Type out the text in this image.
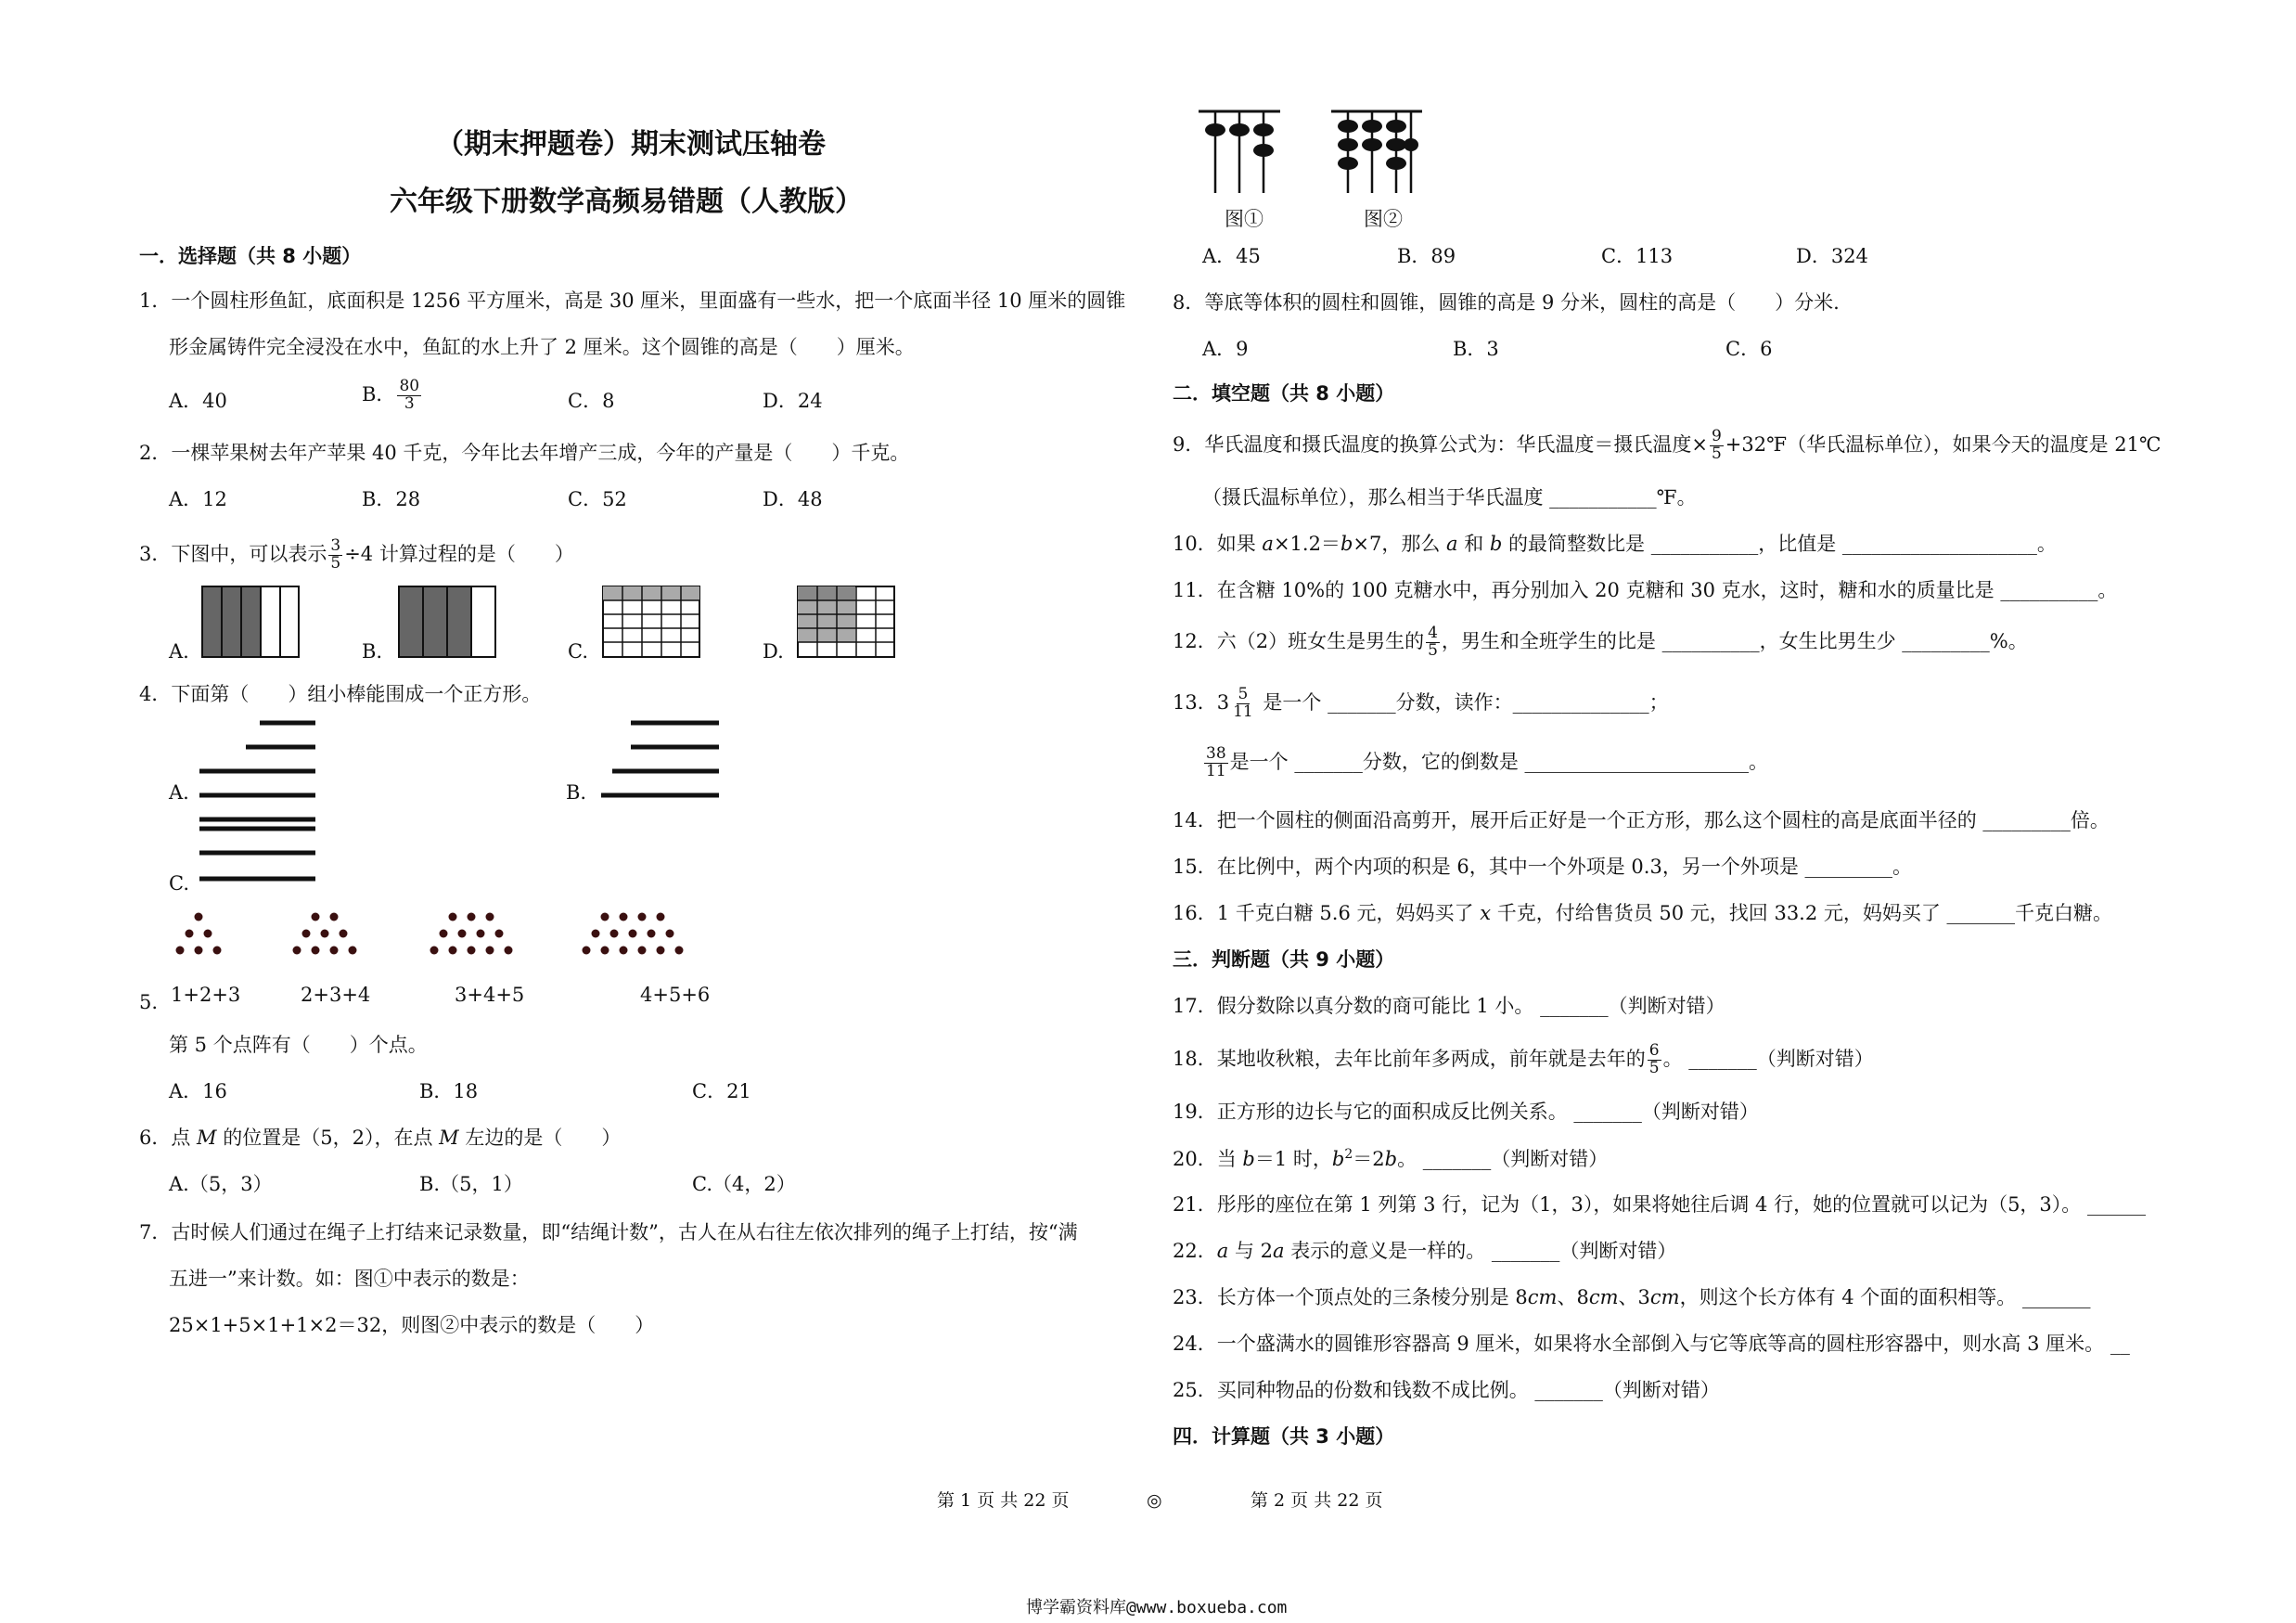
（期末押题卷）期末测试压轴卷
六年级下册数学高频易错题（人教版）
一．选择题（共 8 小题）
1．一个圆柱形鱼缸，底面积是 1256 平方厘米，高是 30 厘米，里面盛有一些水，把一个底面半径 10 厘米的圆锥
形金属铸件完全浸没在水中，鱼缸的水上升了 2 厘米。这个圆锥的高是（　　）厘米。
A．40	B． $\frac{80}{3}$	C．8	D．24
2．一棵苹果树去年产苹果 40 千克，今年比去年增产三成，今年的产量是（　　）千克。
A．12	B．28	C．52	D．48
3．下图中，可以表示 $\frac{3}{5} \div 4$ 计算过程的是（　　）
A.	B.	C.	D.
4．下面第（　　）组小棒能围成一个正方形。
A.	B.
C.
5. 1+2+3	2+3+4	3+4+5	4+5+6
第 5 个点阵有（　　）个点。
A．16	B．18	C．21
6．点 M 的位置是（5，2），在点 M 左边的是（　　）
A.（5，3）	B.（5，1）	C.（4，2）
7．古时候人们通过在绳子上打结来记录数量，即“结绳计数”，古人在从右往左依次排列的绳子上打结，按“满
五进一”来计数。如：图①中表示的数是：
25×1+5×1+1×2＝32，则图②中表示的数是（　　）
图①	图②
A．45	B．89	C．113	D．324
8．等底等体积的圆柱和圆锥，圆锥的高是 9 分米，圆柱的高是（　　）分米.
A．9	B．3	C．6
二．填空题（共 8 小题）
9．华氏温度和摄氏温度的换算公式为：华氏温度＝摄氏温度× $\frac{9}{5}$ +32℉（华氏温标单位），如果今天的温度是 21℃
（摄氏温标单位），那么相当于华氏温度 ___________℉。
10．如果 a×1.2＝b×7，那么 a 和 b 的最简整数比是 ___________，比值是 ____________________。
11．在含糖 10%的 100 克糖水中，再分别加入 20 克糖和 30 克水，这时，糖和水的质量比是 __________。
12．六（2）班女生是男生的 $\frac{4}{5}$ ，男生和全班学生的比是 __________，女生比男生少 _________%。
13．$3 \frac{5}{11}$ 是一个 _______分数，读作：______________；
$\frac{38}{11}$ 是一个 _______分数，它的倒数是 _______________________。
14．把一个圆柱的侧面沿高剪开，展开后正好是一个正方形，那么这个圆柱的高是底面半径的 _________倍。
15．在比例中，两个内项的积是 6，其中一个外项是 0.3，另一个外项是 _________。
16．1 千克白糖 5.6 元，妈妈买了 x 千克，付给售货员 50 元，找回 33.2 元，妈妈买了 _______千克白糖。
三．判断题（共 9 小题）
17．假分数除以真分数的商可能比 1 小。 _______（判断对错）
18．某地收秋粮，去年比前年多两成，前年就是去年的 $\frac{6}{5}$ 。 _______（判断对错）
19．正方形的边长与它的面积成反比例关系。 _______（判断对错）
20．当 b＝1 时，$b^2=2b$。 _______（判断对错）
21．彤彤的座位在第 1 列第 3 行，记为（1，3），如果将她往后调 4 行，她的位置就可以记为（5，3）。 ______
22．a 与 2a 表示的意义是一样的。 _______（判断对错）
23．长方体一个顶点处的三条棱分别是 8cm、8cm、3cm，则这个长方体有 4 个面的面积相等。 _______
24．一个盛满水的圆锥形容器高 9 厘米，如果将水全部倒入与它等底等高的圆柱形容器中，则水高 3 厘米。 __
25．买同种物品的份数和钱数不成比例。 _______（判断对错）
四．计算题（共 3 小题）
第 1 页 共 22 页	◎	第 2 页 共 22 页
博学霸资料库@www.boxueba.com
